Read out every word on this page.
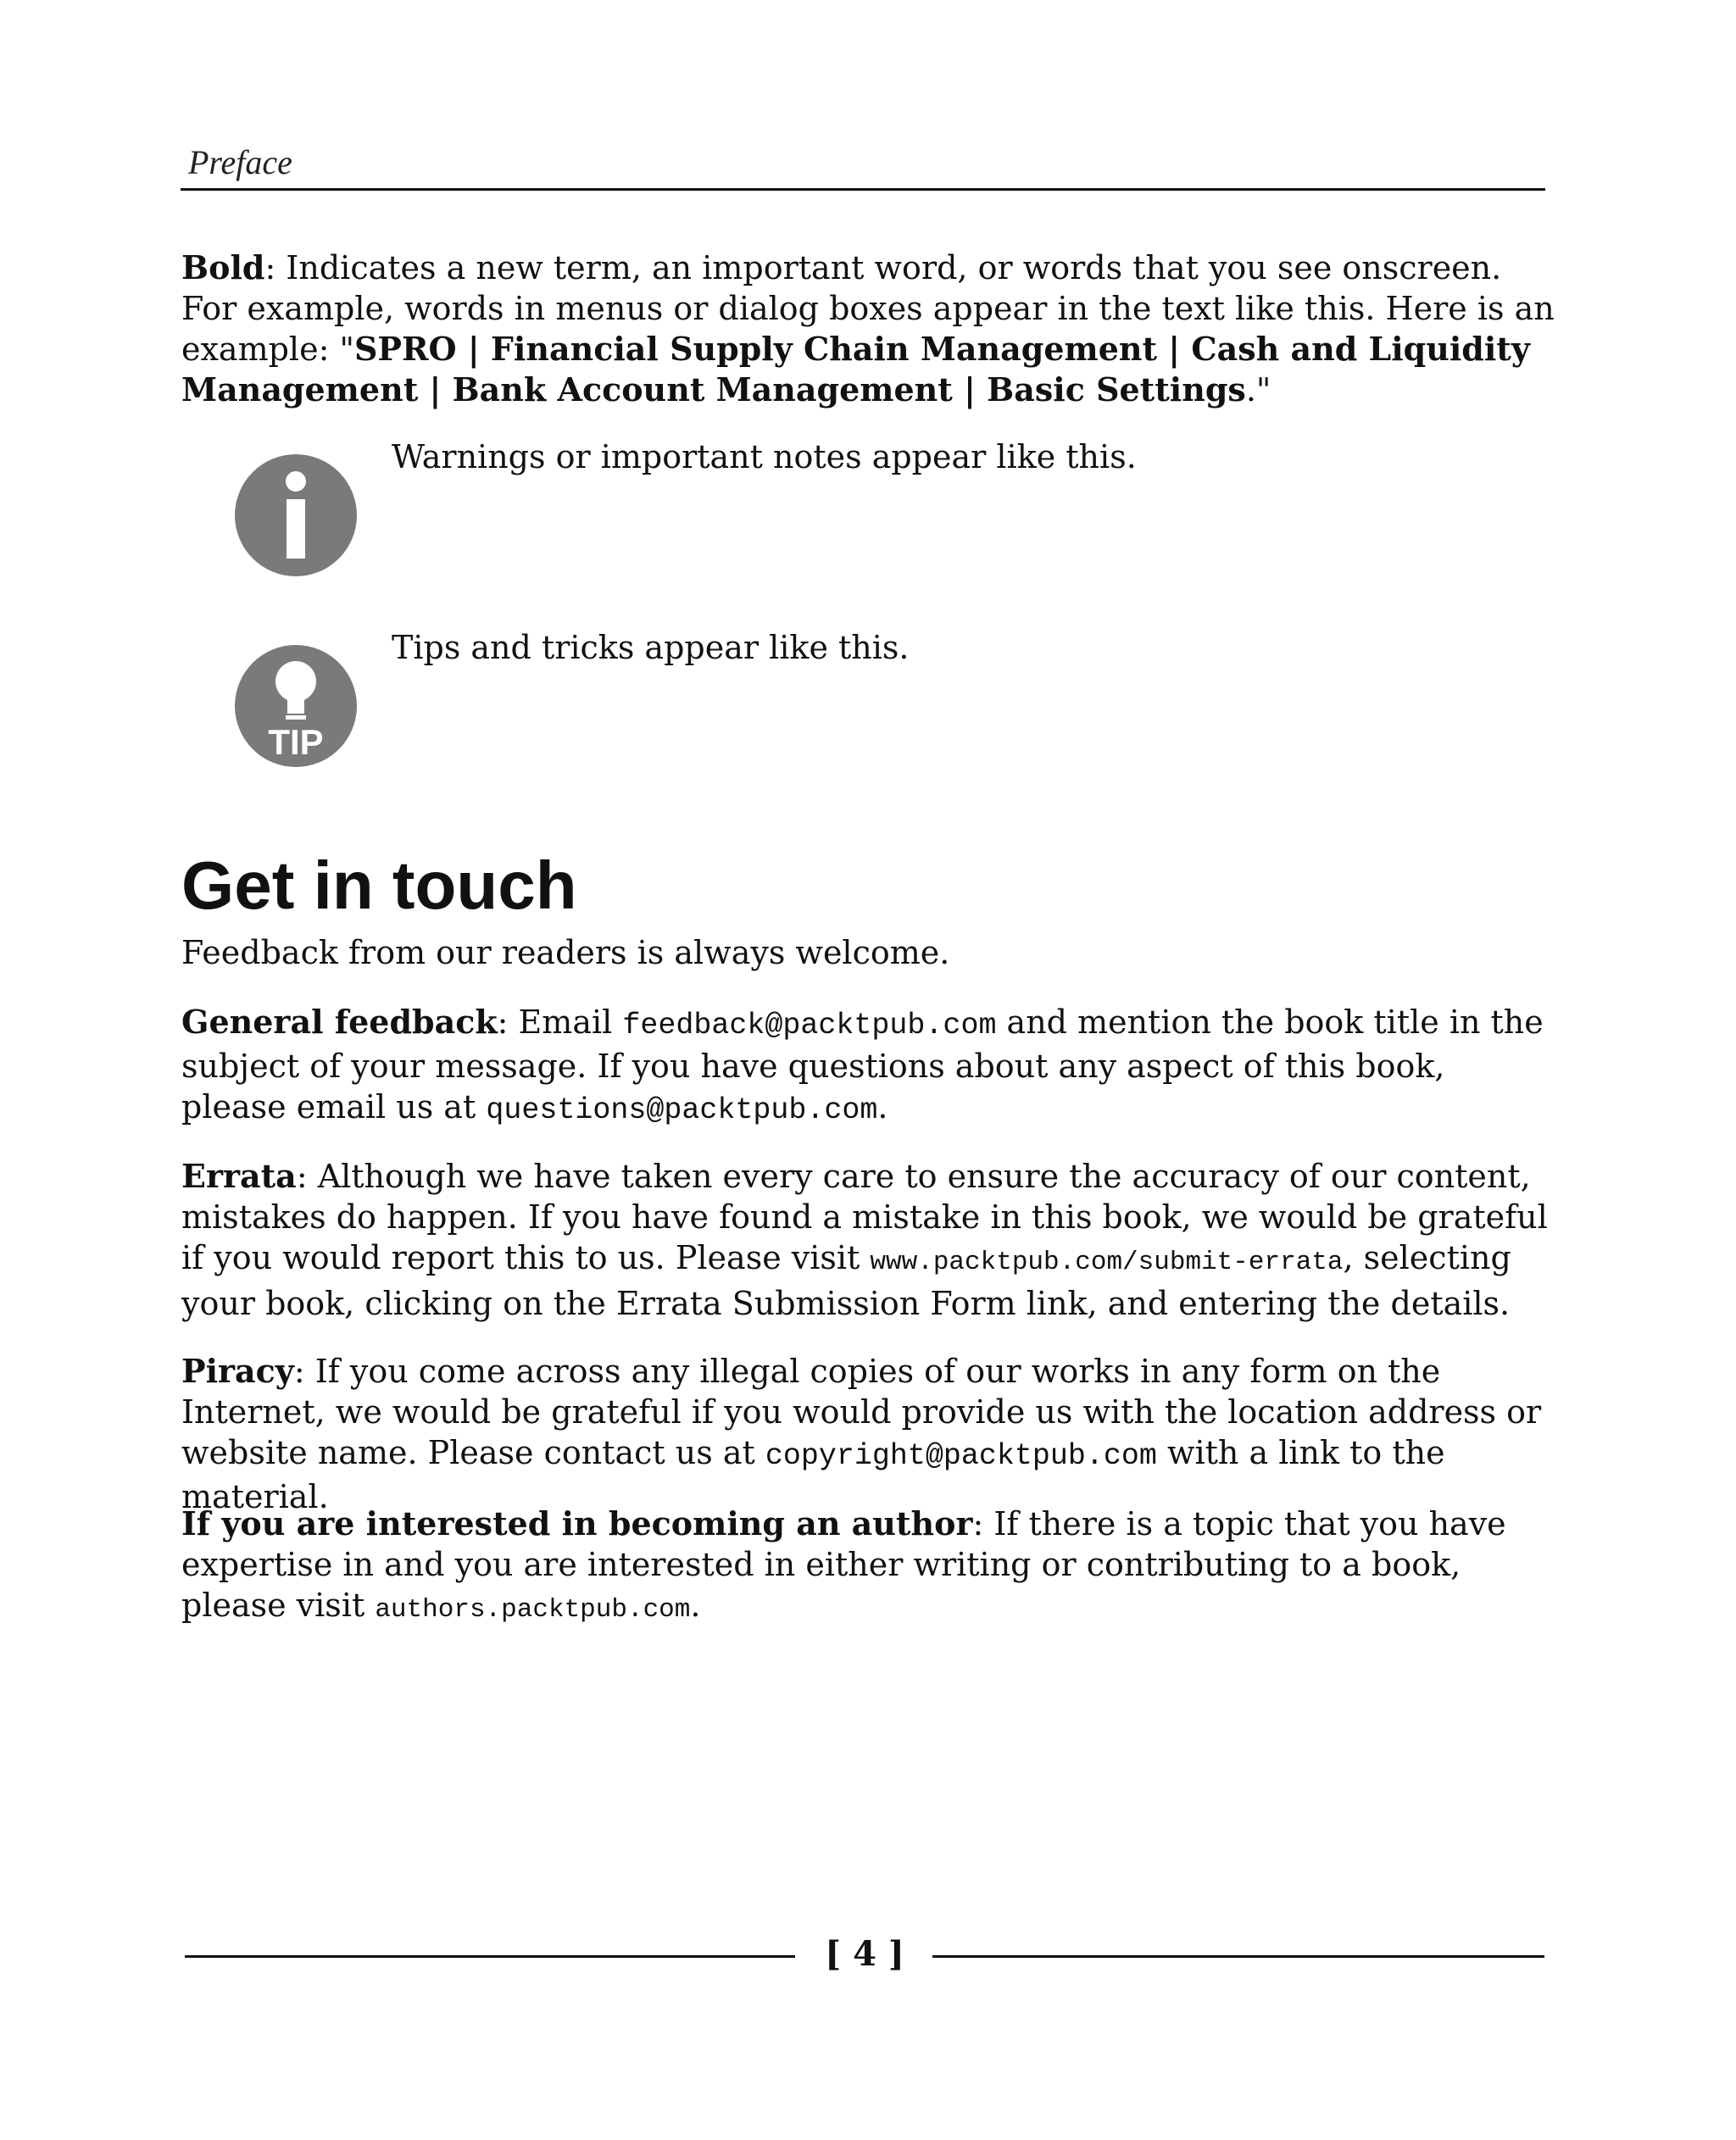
Preface

Bold: Indicates a new term, an important word, or words that you see onscreen. For example, words in menus or dialog boxes appear in the text like this. Here is an example: "SPRO | Financial Supply Chain Management | Cash and Liquidity Management | Bank Account Management | Basic Settings."

Warnings or important notes appear like this.
TIP
Tips and tricks appear like this.
Get in touch

Feedback from our readers is always welcome.

General feedback: Email feedback@packtpub.com and mention the book title in the subject of your message. If you have questions about any aspect of this book, please email us at questions@packtpub.com.

Errata: Although we have taken every care to ensure the accuracy of our content, mistakes do happen. If you have found a mistake in this book, we would be grateful if you would report this to us. Please visit www.packtpub.com/submit-errata, selecting your book, clicking on the Errata Submission Form link, and entering the details.

Piracy: If you come across any illegal copies of our works in any form on the Internet, we would be grateful if you would provide us with the location address or website name. Please contact us at copyright@packtpub.com with a link to the material.

If you are interested in becoming an author: If there is a topic that you have expertise in and you are interested in either writing or contributing to a book, please visit authors.packtpub.com.

[ 4 ]
